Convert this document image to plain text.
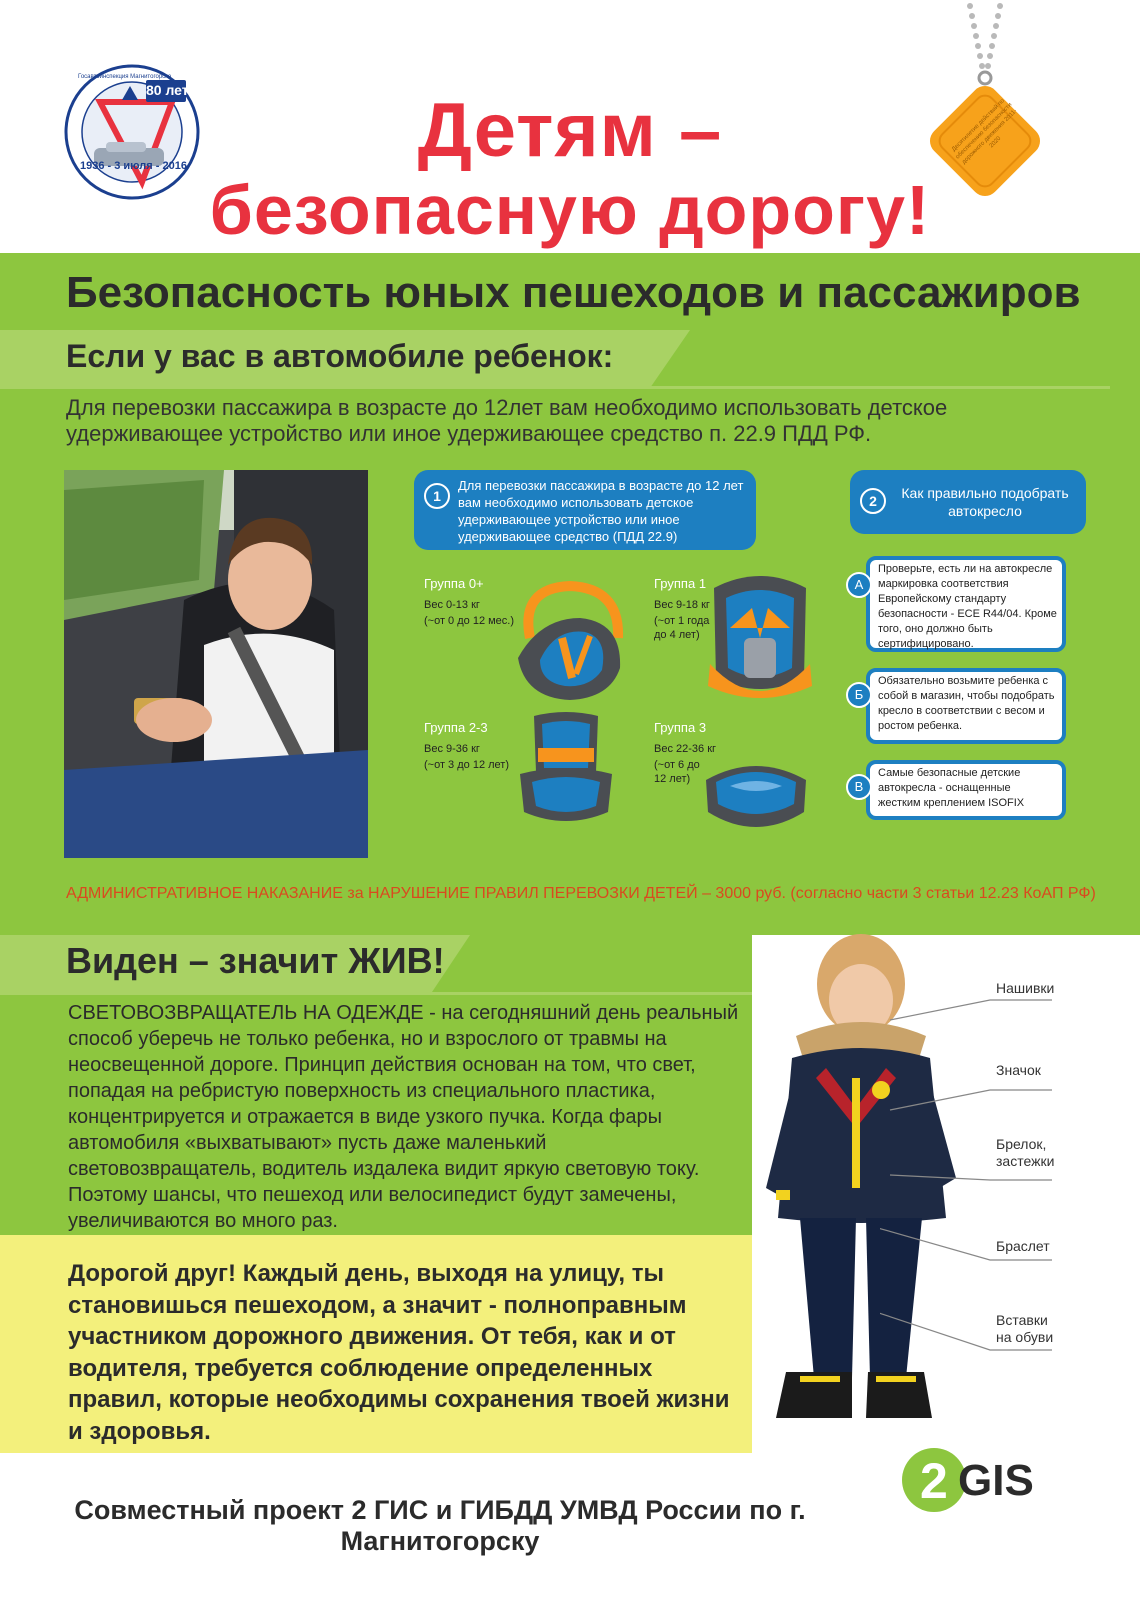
80 лет
Госавтоинспекция Магнитогорска
1936 - 3 июля - 2016	Детям –
безопасную дорогу!
Десятилетие действий по обеспечению безопасности дорожного движения 2011-2020
Безопасность юных пешеходов и пассажиров
Если у вас в автомобиле ребенок:
Для перевозки пассажира в возрасте до 12лет вам необходимо использовать детское удерживающее устройство или иное удерживающее средство п. 22.9 ПДД РФ.
1
Для перевозки пассажира в возрасте до 12 лет вам необходимо использовать детское удерживающее устройство или иное удерживающее средство (ПДД 22.9)
2	Как правильно подобрать автокресло
Группа 0+
Вес 0-13 кг
(~от 0 до 12 мес.)
Группа 1
Вес 9-18 кг
(~от 1 года до 4 лет)
Группа 2-3
Вес 9-36 кг
(~от 3 до 12 лет)
Группа 3
Вес 22-36 кг
(~от 6 до 12 лет)
А
Проверьте, есть ли на автокресле маркировка соответствия Европейскому стандарту безопасности - ECE R44/04. Кроме того, оно должно быть сертифицировано.
Б
Обязательно возьмите ребенка с собой в магазин, чтобы подобрать кресло в соответствии с весом и ростом ребенка.
В
Самые безопасные детские автокресла - оснащенные жестким креплением ISOFIX
АДМИНИСТРАТИВНОЕ НАКАЗАНИЕ за НАРУШЕНИЕ ПРАВИЛ ПЕРЕВОЗКИ ДЕТЕЙ – 3000 руб. (согласно части 3 статьи 12.23 КоАП РФ)
Виден – значит ЖИВ!
СВЕТОВОЗВРАЩАТЕЛЬ НА ОДЕЖДЕ - на сегодняшний день реальный способ уберечь не только ребенка, но и взрослого от травмы на неосвещенной дороге. Принцип действия основан на том, что свет, попадая на ребристую поверхность из специального пластика, концентрируется и отражается в виде узкого пучка. Когда фары автомобиля «выхватывают» пусть даже маленький световозвращатель, водитель издалека видит яркую световую току. Поэтому шансы, что пешеход или велосипедист будут замечены, увеличиваются во много раз.
Нашивки
Значок
Брелок, застежки
Браслет
Вставки на обуви
Дорогой друг! Каждый день, выходя на улицу, ты становишься пешеходом, а значит - полноправным участником дорожного движения. От тебя, как и от водителя, требуется соблюдение определенных правил, которые необходимы сохранения твоей жизни и здоровья.
Совместный проект 2 ГИС и ГИБДД УМВД России по г. Магнитогорску
2 GIS
